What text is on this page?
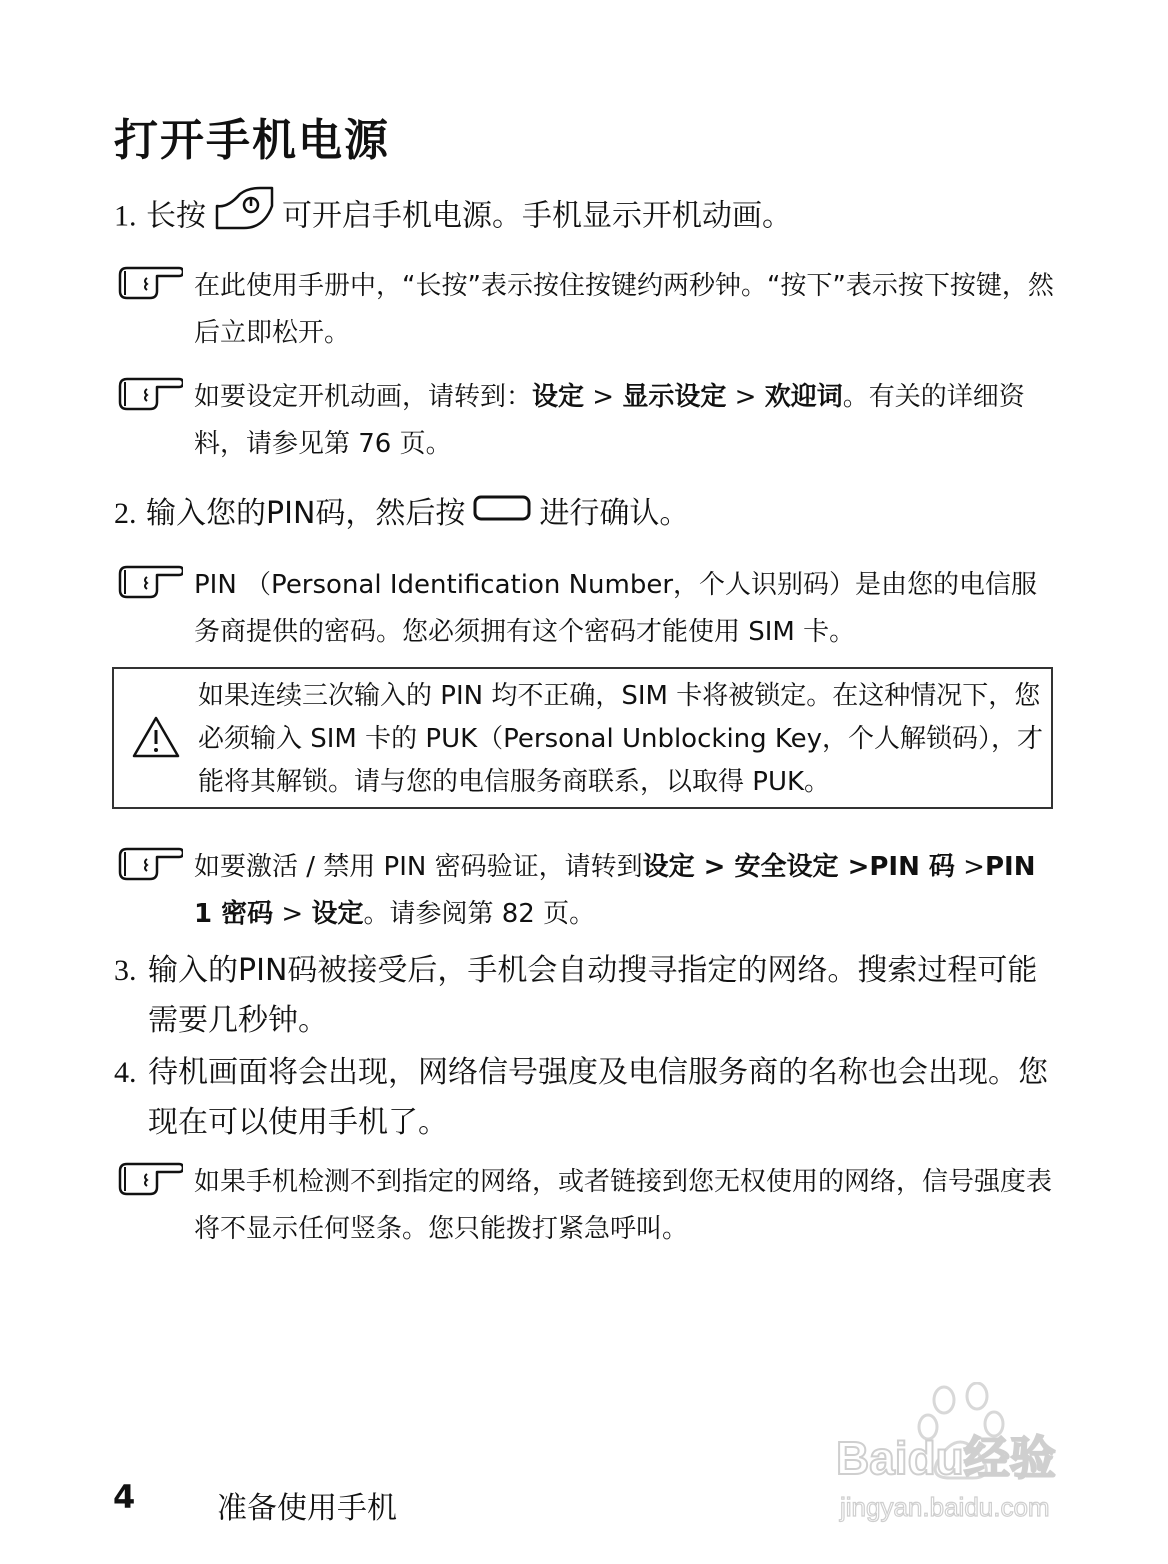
打开手机电源
1. 长按	可开启手机电源。手机显示开机动画。
在此使用手册中，“长按”表示按住按键约两秒钟。“按下”表示按下按键，然后立即松开。
如要设定开机动画，请转到：设定 > 显示设定 > 欢迎词。有关的详细资料，请参见第 76 页。
2. 输入您的PIN码，然后按 进行确认。
PIN （Personal Identification Number，个人识别码）是由您的电信服务商提供的密码。您必须拥有这个密码才能使用 SIM 卡。
如果连续三次输入的 PIN 均不正确，SIM 卡将被锁定。在这种情况下，您必须输入 SIM 卡的 PUK（Personal Unblocking Key，个人解锁码），才能将其解锁。请与您的电信服务商联系，以取得 PUK。
如要激活 / 禁用 PIN 密码验证，请转到设定 > 安全设定 >PIN 码 >PIN 1 密码 > 设定。请参阅第 82 页。
3. 输入的PIN码被接受后，手机会自动搜寻指定的网络。搜索过程可能需要几秒钟。
4. 待机画面将会出现，网络信号强度及电信服务商的名称也会出现。您现在可以使用手机了。
如果手机检测不到指定的网络，或者链接到您无权使用的网络，信号强度表将不显示任何竖条。您只能拨打紧急呼叫。
Baidu经验
jingyan.baidu.com
4	准备使用手机
